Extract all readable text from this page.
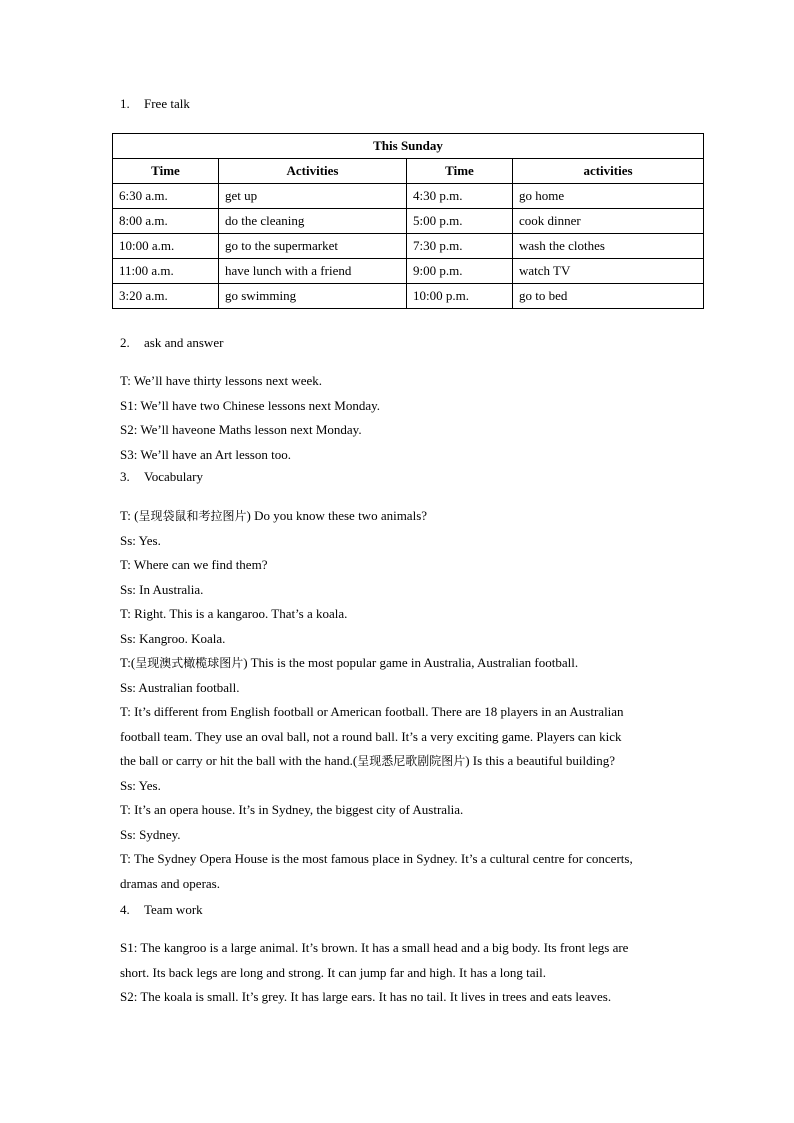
1. Free talk
This Sunday			
Time	Activities	Time	activities
6:30 a.m.	get up	4:30 p.m.	go home
8:00 a.m.	do the cleaning	5:00 p.m.	cook dinner
10:00 a.m.	go to the supermarket	7:30 p.m.	wash the clothes
11:00 a.m.	have lunch with a friend	9:00 p.m.	watch TV
3:20 a.m.	go swimming	10:00 p.m.	go to bed
2. ask and answer

T: We’ll have thirty lessons next week.

S1: We’ll have two Chinese lessons next Monday.

S2: We’ll haveone Maths lesson next Monday.

S3: We’ll have an Art lesson too.

3. Vocabulary

T: (呈现袋鼠和考拉图片) Do you know these two animals?

Ss: Yes.

T: Where can we find them?

Ss: In Australia.

T: Right. This is a kangaroo. That’s a koala.

Ss: Kangroo. Koala.

T:(呈现澳式橄榄球图片) This is the most popular game in Australia, Australian football.

Ss: Australian football.

T: It’s different from English football or American football. There are 18 players in an Australian

football team. They use an oval ball, not a round ball. It’s a very exciting game. Players can kick

the ball or carry or hit the ball with the hand.(呈现悉尼歌剧院图片) Is this a beautiful building?

Ss: Yes.

T: It’s an opera house. It’s in Sydney, the biggest city of Australia.

Ss: Sydney.

T: The Sydney Opera House is the most famous place in Sydney. It’s a cultural centre for concerts,

dramas and operas.

4. Team work

S1: The kangroo is a large animal. It’s brown. It has a small head and a big body. Its front legs are

short. Its back legs are long and strong. It can jump far and high. It has a long tail.

S2: The koala is small. It’s grey. It has large ears. It has no tail. It lives in trees and eats leaves.
